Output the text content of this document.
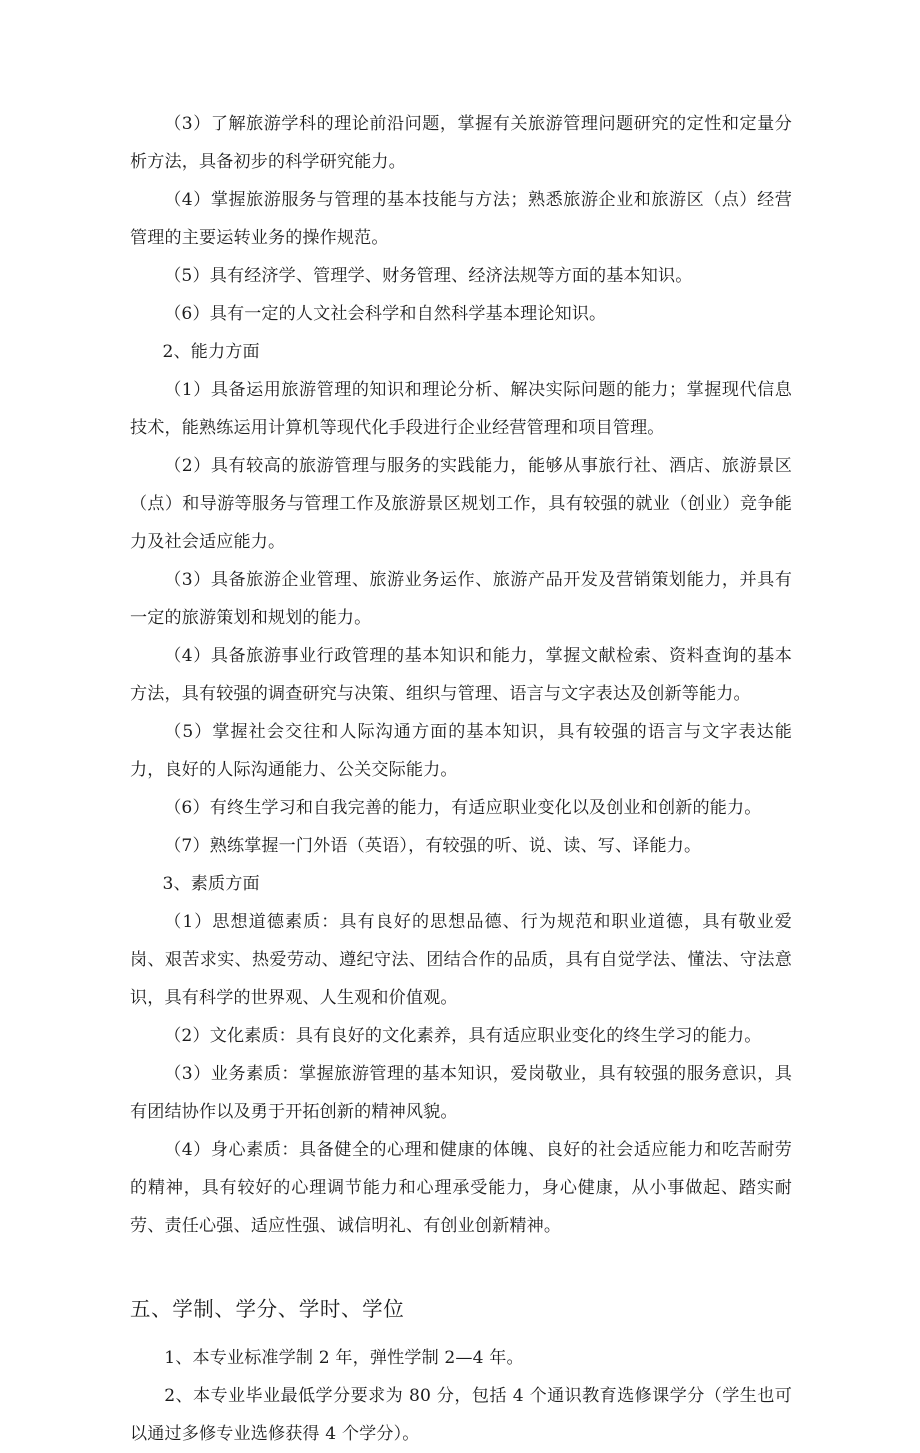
（3）了解旅游学科的理论前沿问题，掌握有关旅游管理问题研究的定性和定量分析方法，具备初步的科学研究能力。

（4）掌握旅游服务与管理的基本技能与方法；熟悉旅游企业和旅游区（点）经营管理的主要运转业务的操作规范。

（5）具有经济学、管理学、财务管理、经济法规等方面的基本知识。

（6）具有一定的人文社会科学和自然科学基本理论知识。

2、能力方面

（1）具备运用旅游管理的知识和理论分析、解决实际问题的能力；掌握现代信息技术，能熟练运用计算机等现代化手段进行企业经营管理和项目管理。

（2）具有较高的旅游管理与服务的实践能力，能够从事旅行社、酒店、旅游景区（点）和导游等服务与管理工作及旅游景区规划工作，具有较强的就业（创业）竞争能力及社会适应能力。

（3）具备旅游企业管理、旅游业务运作、旅游产品开发及营销策划能力，并具有一定的旅游策划和规划的能力。

（4）具备旅游事业行政管理的基本知识和能力，掌握文献检索、资料查询的基本方法，具有较强的调查研究与决策、组织与管理、语言与文字表达及创新等能力。

（5）掌握社会交往和人际沟通方面的基本知识，具有较强的语言与文字表达能力，良好的人际沟通能力、公关交际能力。

（6）有终生学习和自我完善的能力，有适应职业变化以及创业和创新的能力。

（7）熟练掌握一门外语（英语），有较强的听、说、读、写、译能力。

3、素质方面

（1）思想道德素质：具有良好的思想品德、行为规范和职业道德，具有敬业爱岗、艰苦求实、热爱劳动、遵纪守法、团结合作的品质，具有自觉学法、懂法、守法意识，具有科学的世界观、人生观和价值观。

（2）文化素质：具有良好的文化素养，具有适应职业变化的终生学习的能力。

（3）业务素质：掌握旅游管理的基本知识，爱岗敬业，具有较强的服务意识，具有团结协作以及勇于开拓创新的精神风貌。

（4）身心素质：具备健全的心理和健康的体魄、良好的社会适应能力和吃苦耐劳的精神，具有较好的心理调节能力和心理承受能力，身心健康，从小事做起、踏实耐劳、责任心强、适应性强、诚信明礼、有创业创新精神。

五、学制、学分、学时、学位

1、本专业标准学制 2 年，弹性学制 2—4 年。

2、本专业毕业最低学分要求为 80 分，包括 4 个通识教育选修课学分（学生也可以通过多修专业选修获得 4 个学分）。
